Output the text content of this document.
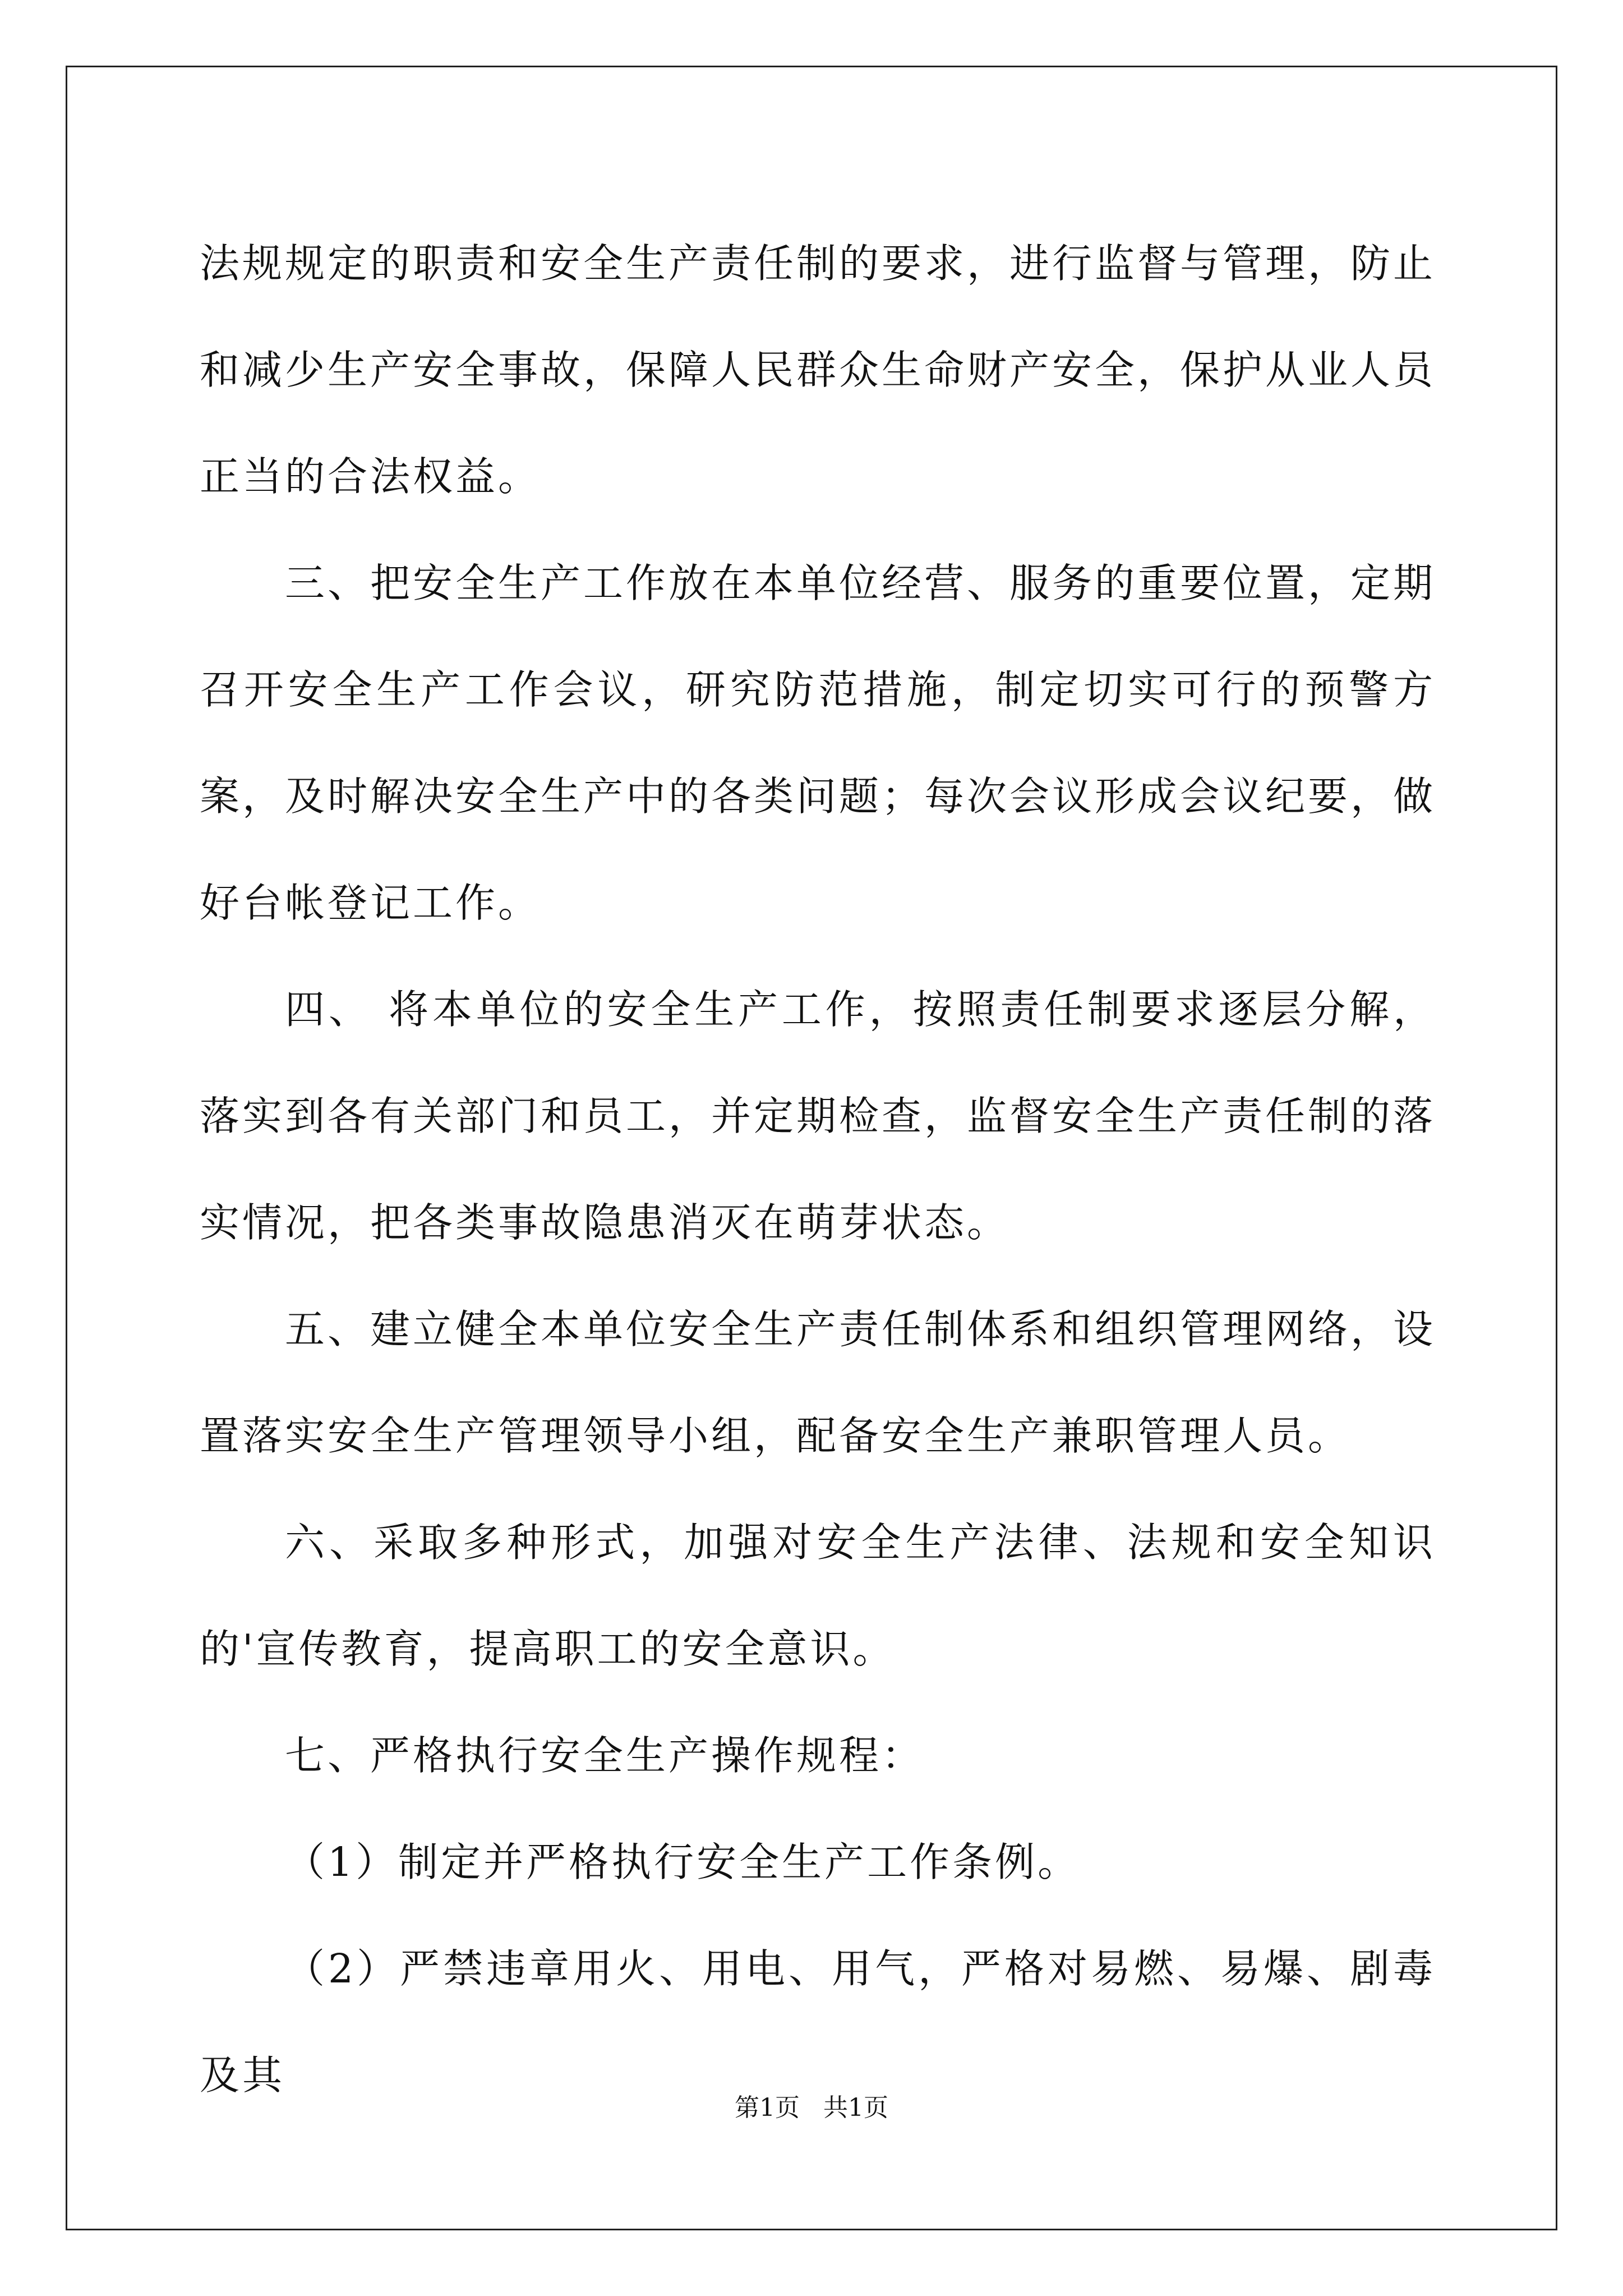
法规规定的职责和安全生产责任制的要求，进行监督与管理，防止和减少生产安全事故，保障人民群众生命财产安全，保护从业人员正当的合法权益。

三、把安全生产工作放在本单位经营、服务的重要位置，定期召开安全生产工作会议，研究防范措施，制定切实可行的预警方案，及时解决安全生产中的各类问题；每次会议形成会议纪要，做好台帐登记工作。

四、 将本单位的安全生产工作，按照责任制要求逐层分解，落实到各有关部门和员工，并定期检查，监督安全生产责任制的落实情况，把各类事故隐患消灭在萌芽状态。

五、建立健全本单位安全生产责任制体系和组织管理网络，设置落实安全生产管理领导小组，配备安全生产兼职管理人员。

六、采取多种形式，加强对安全生产法律、法规和安全知识的'宣传教育，提高职工的安全意识。

七、严格执行安全生产操作规程：

（1）制定并严格执行安全生产工作条例。

（2）严禁违章用火、用电、用气，严格对易燃、易爆、剧毒及其

第1页   共1页
